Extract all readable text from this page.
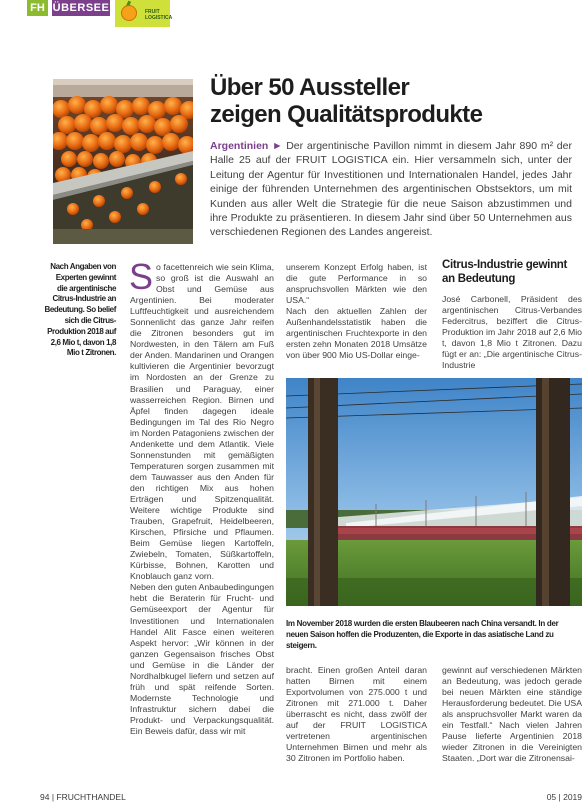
FH ÜBERSEE	FRUIT
LOGISTICA
Über 50 Aussteller
zeigen Qualitätsprodukte
Argentinien ► Der argentinische Pavillon nimmt in diesem Jahr 890 m² der Halle 25 auf der FRUIT LOGISTICA ein. Hier versammeln sich, unter der Leitung der Agentur für Investitionen und Internationalen Handel, jedes Jahr einige der führenden Unternehmen des argentinischen Obstsektors, um mit Kunden aus aller Welt die Strategie für die neue Saison abzustimmen und ihre Produkte zu präsentieren. In diesem Jahr sind über 50 Unternehmen aus verschiedenen Regionen des Landes angereist.
Nach Angaben von Experten gewinnt die argentinische Citrus-Industrie an Bedeutung. So belief sich die Citrus-Produktion 2018 auf 2,6 Mio t, davon 1,8 Mio t Zitronen.

So facettenreich wie sein Klima, so groß ist die Auswahl an Obst und Gemüse aus Argentinien. Bei moderater Luftfeuchtigkeit und ausreichendem Sonnenlicht das ganze Jahr reifen die Zitronen besonders gut im Nordwesten, in den Tälern am Fuß der Anden. Mandarinen und Orangen kultivieren die Argentinier bevorzugt im Nordosten an der Grenze zu Brasilien und Paraguay, einer wasserreichen Region. Birnen und Äpfel finden dagegen ideale Bedingungen im Tal des Rio Negro im Norden Patagoniens zwischen der Andenkette und dem Atlantik. Viele Sonnenstunden mit gemäßigten Temperaturen sorgen zusammen mit dem Tauwasser aus den Anden für den richtigen Mix aus hohen Erträgen und Spitzenqualität. Weitere wichtige Produkte sind Trauben, Grapefruit, Heidelbeeren, Kirschen, Pfirsiche und Pflaumen. Beim Gemüse liegen Kartoffeln, Zwiebeln, Tomaten, Süßkartoffeln, Kürbisse, Bohnen, Karotten und Knoblauch ganz vorn.

Neben den guten Anbaubedingungen hebt die Beraterin für Frucht- und Gemüseexport der Agentur für Investitionen und Internationalen Handel Alit Fasce einen weiteren Aspekt hervor: „Wir können in der ganzen Gegensaison frisches Obst und Gemüse in die Länder der Nordhalbkugel liefern und setzen auf früh und spät reifende Sorten. Modernste Technologie und Infrastruktur sichern dabei die Produkt- und Verpackungsqualität. Ein Beweis dafür, dass wir mit

unserem Konzept Erfolg haben, ist die gute Performance in so anspruchsvollen Märkten wie den USA.“

Nach den aktuellen Zahlen der Außenhandelsstatistik haben die argentinischen Fruchtexporte in den ersten zehn Monaten 2018 Umsätze von über 900 Mio US-Dollar einge-

Citrus-Industrie gewinnt an Bedeutung

José Carbonell, Präsident des argentinischen Citrus-Verbandes Federcitrus, beziffert die Citrus-Produktion im Jahr 2018 auf 2,6 Mio t, davon 1,8 Mio t Zitronen. Dazu fügt er an: „Die argentinische Citrus-Industrie

Im November 2018 wurden die ersten Blaubeeren nach China versandt. In der neuen Saison hoffen die Produzenten, die Exporte in das asiatische Land zu steigern.

bracht. Einen großen Anteil daran hatten Birnen mit einem Exportvolumen von 275.000 t und Zitronen mit 271.000 t. Daher überrascht es nicht, dass zwölf der auf der FRUIT LOGISTICA vertretenen argentinischen Unternehmen Birnen und mehr als 30 Zitronen im Portfolio haben.

gewinnt auf verschiedenen Märkten an Bedeutung, was jedoch gerade bei neuen Märkten eine ständige Herausforderung bedeutet. Die USA als anspruchsvoller Markt waren da ein Testfall.“ Nach vielen Jahren Pause lieferte Argentinien 2018 wieder Zitronen in die Vereinigten Staaten. „Dort war die Zitronensai-

94 | FRUCHTHANDEL	05 | 2019
